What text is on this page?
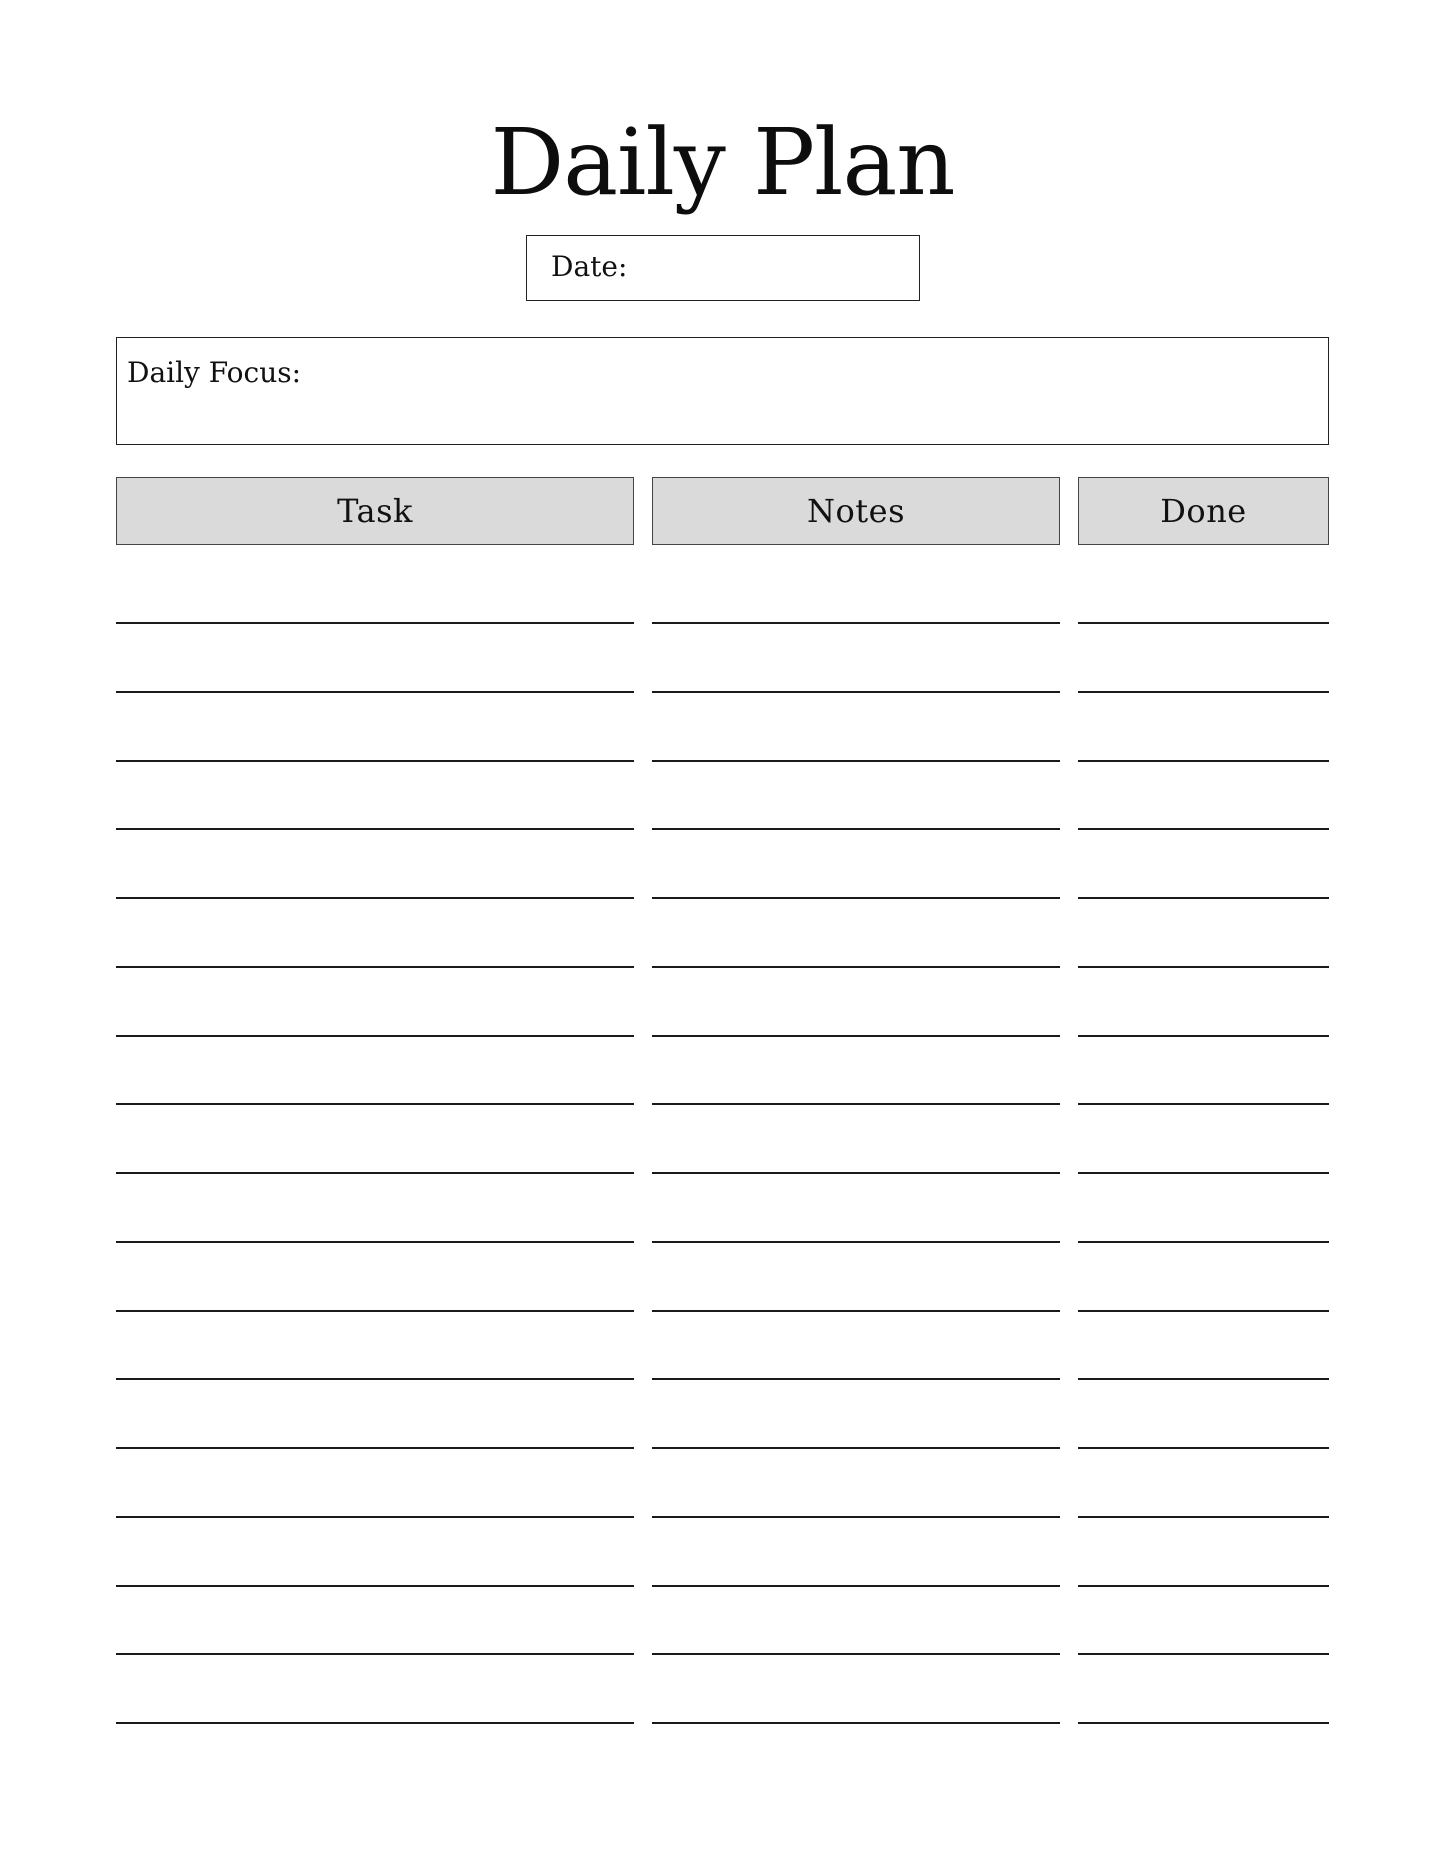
Daily Plan
Date:
Daily Focus:
Task	Notes	Done
